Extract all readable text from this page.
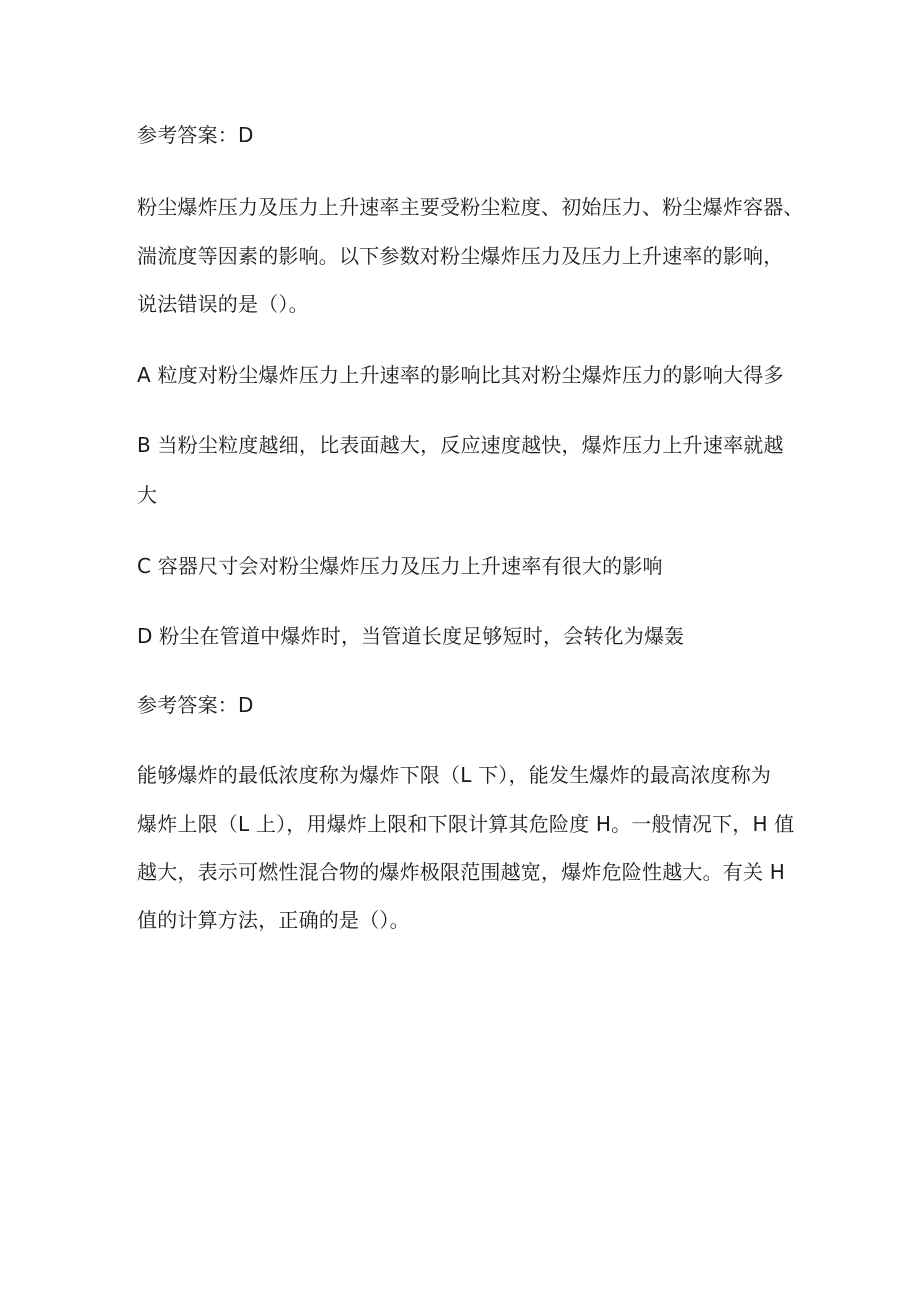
参考答案：D
粉尘爆炸压力及压力上升速率主要受粉尘粒度、初始压力、粉尘爆炸容器、
湍流度等因素的影响。以下参数对粉尘爆炸压力及压力上升速率的影响，
说法错误的是（）。
A 粒度对粉尘爆炸压力上升速率的影响比其对粉尘爆炸压力的影响大得多
B 当粉尘粒度越细，比表面越大，反应速度越快，爆炸压力上升速率就越
大
C 容器尺寸会对粉尘爆炸压力及压力上升速率有很大的影响
D 粉尘在管道中爆炸时，当管道长度足够短时，会转化为爆轰
参考答案：D
能够爆炸的最低浓度称为爆炸下限（L 下），能发生爆炸的最高浓度称为
爆炸上限（L 上），用爆炸上限和下限计算其危险度 H。一般情况下，H 值
越大，表示可燃性混合物的爆炸极限范围越宽，爆炸危险性越大。有关 H
值的计算方法，正确的是（）。
